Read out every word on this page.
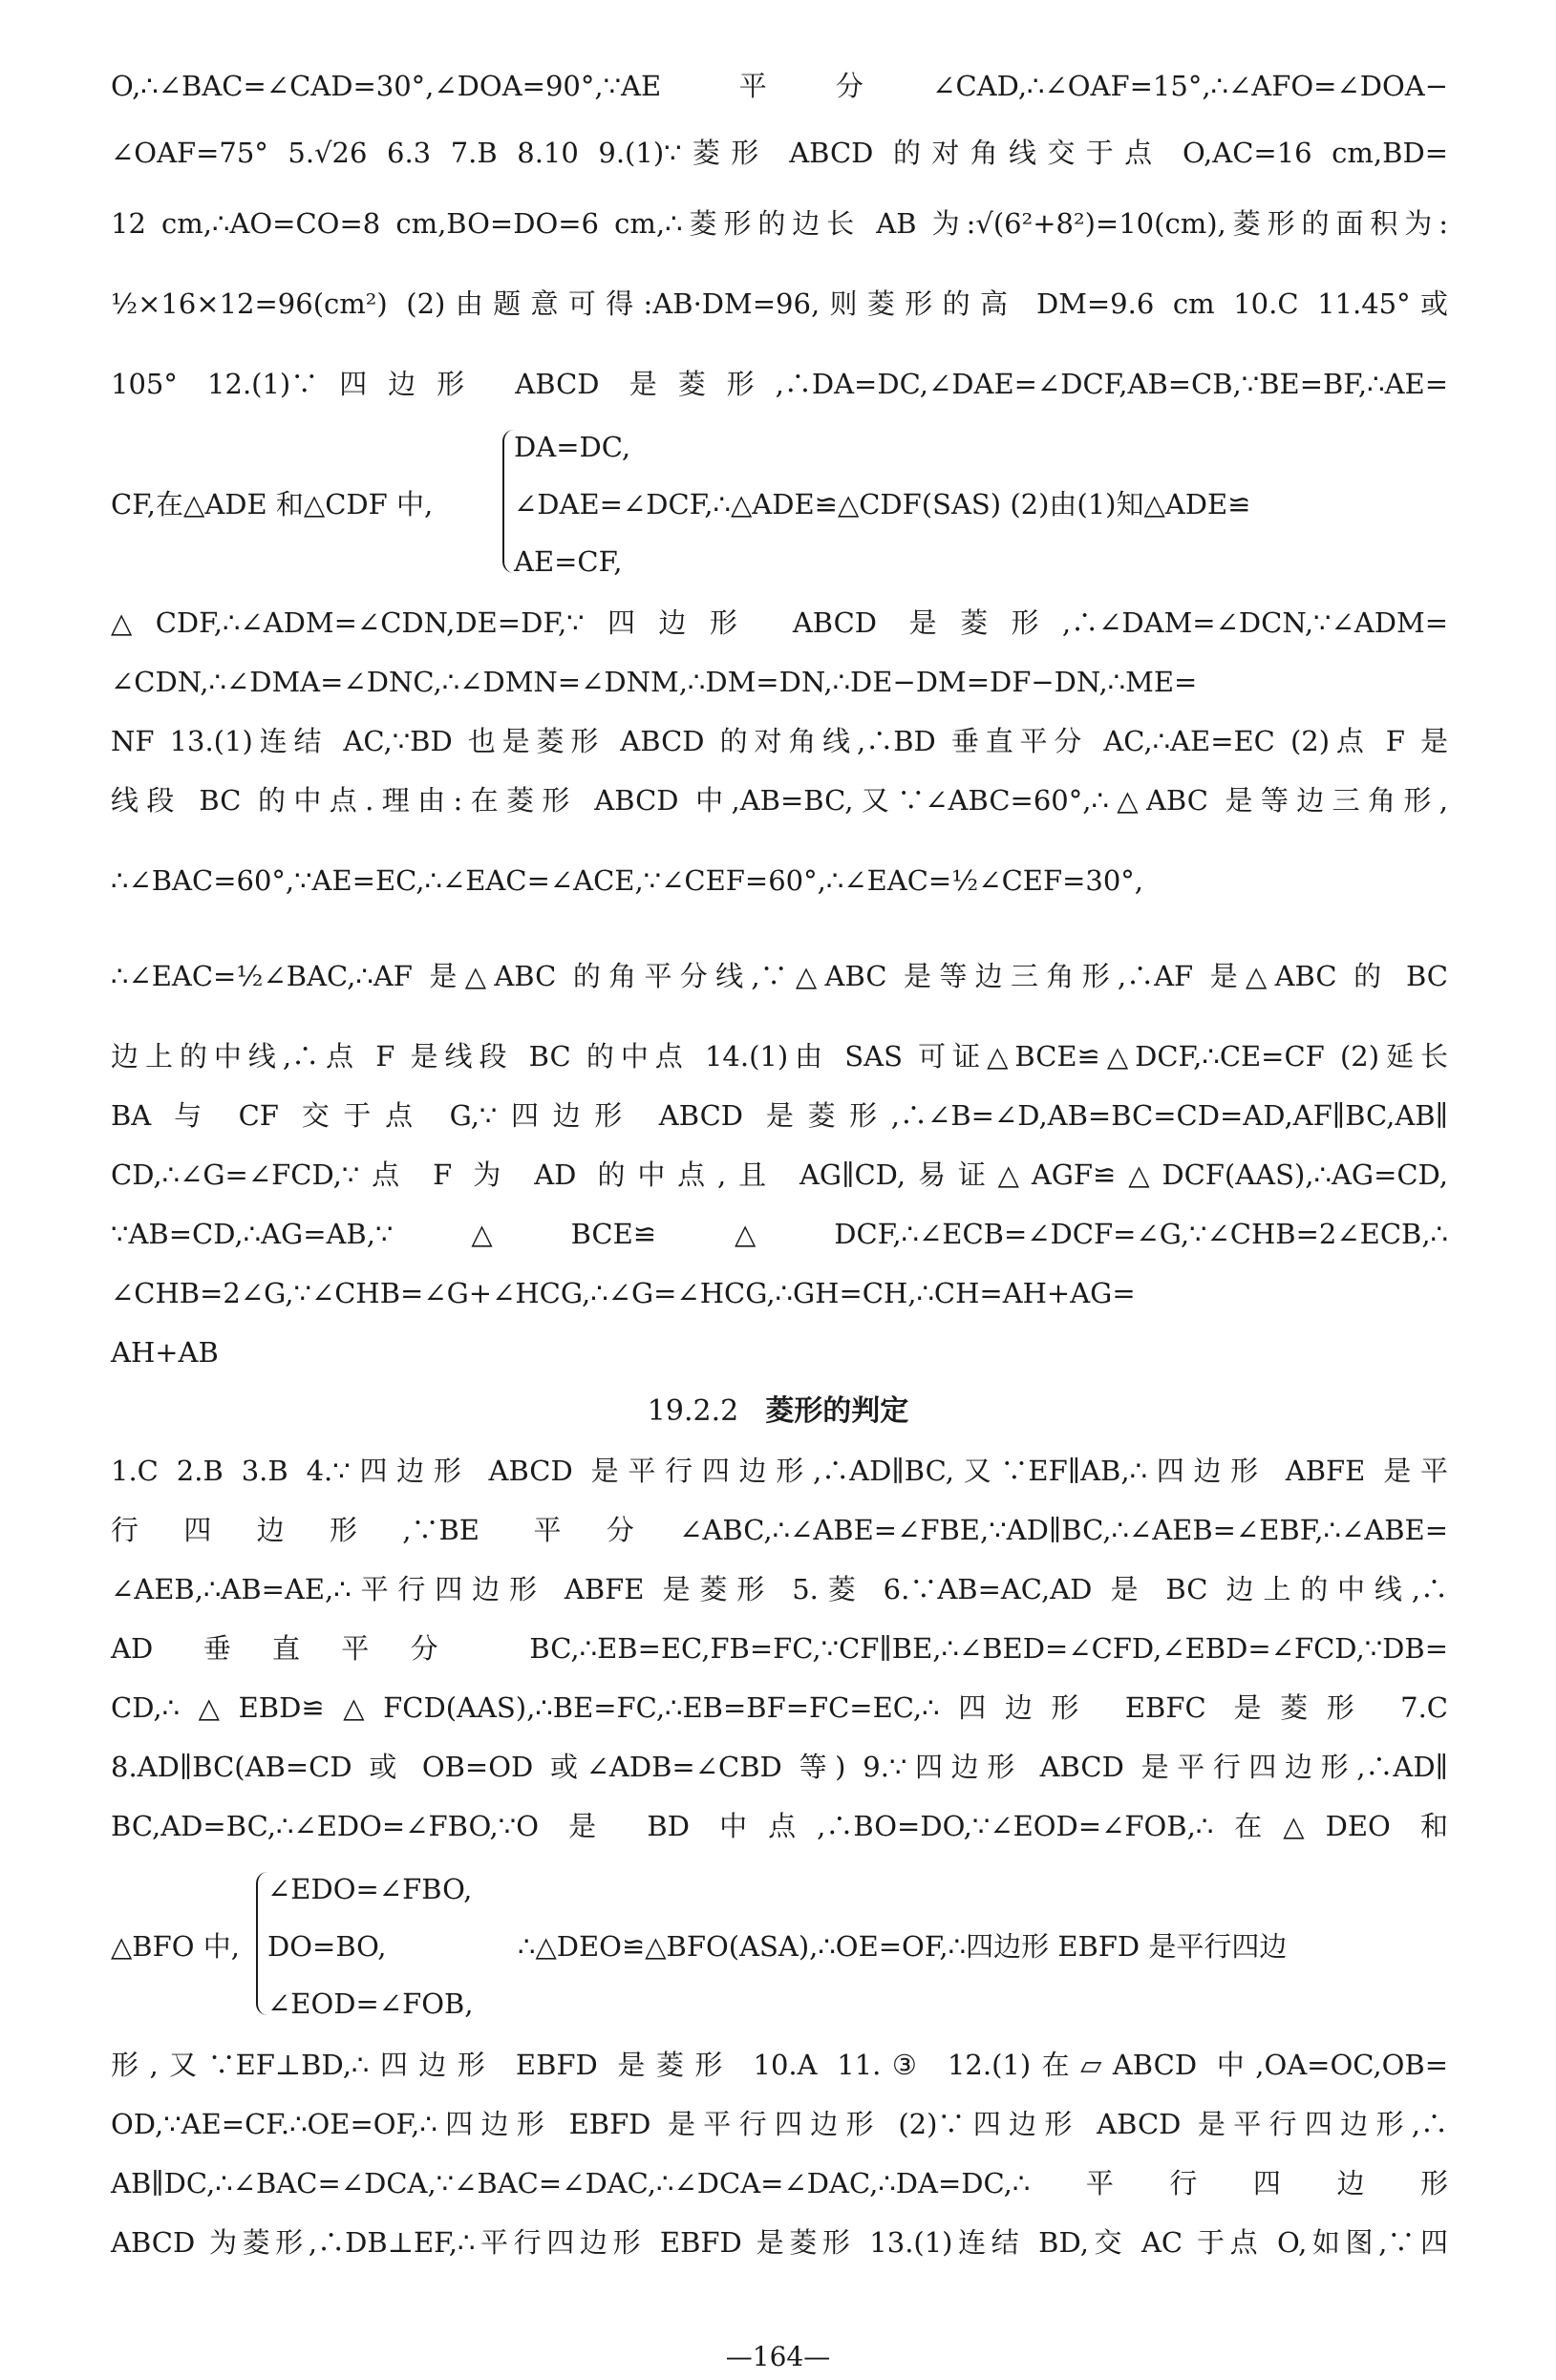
O,∴∠BAC=∠CAD=30°,∠DOA=90°,∵AE 平分∠CAD,∴∠OAF=15°,∴∠AFO=∠DOA−
∠OAF=75° 5.√26 6.3 7.B 8.10 9.(1)∵菱形 ABCD 的对角线交于点 O,AC=16 cm,BD=
12 cm,∴AO=CO=8 cm,BO=DO=6 cm,∴菱形的边长 AB 为:√(6²+8²)=10(cm),菱形的面积为:
½×16×12=96(cm²) (2)由题意可得:AB·DM=96,则菱形的高 DM=9.6 cm 10.C 11.45°或
105° 12.(1)∵四边形 ABCD 是菱形,∴DA=DC,∠DAE=∠DCF,AB=CB,∵BE=BF,∴AE=
CF,在△ADE 和△CDF 中,
DA=DC,
∠DAE=∠DCF,∴△ADE≌△CDF(SAS) (2)由(1)知△ADE≌
AE=CF,
△CDF,∴∠ADM=∠CDN,DE=DF,∵四边形 ABCD 是菱形,∴∠DAM=∠DCN,∵∠ADM=
∠CDN,∴∠DMA=∠DNC,∴∠DMN=∠DNM,∴DM=DN,∴DE−DM=DF−DN,∴ME=
NF 13.(1)连结 AC,∵BD 也是菱形 ABCD 的对角线,∴BD 垂直平分 AC,∴AE=EC (2)点 F 是
线段 BC 的中点.理由:在菱形 ABCD 中,AB=BC,又∵∠ABC=60°,∴△ABC 是等边三角形,
∴∠BAC=60°,∵AE=EC,∴∠EAC=∠ACE,∵∠CEF=60°,∴∠EAC=½∠CEF=30°,
∴∠EAC=½∠BAC,∴AF 是△ABC 的角平分线,∵△ABC 是等边三角形,∴AF 是△ABC 的 BC
边上的中线,∴点 F 是线段 BC 的中点 14.(1)由 SAS 可证△BCE≌△DCF,∴CE=CF (2)延长
BA 与 CF 交于点 G,∵四边形 ABCD 是菱形,∴∠B=∠D,AB=BC=CD=AD,AF∥BC,AB∥
CD,∴∠G=∠FCD,∵点 F 为 AD 的中点,且 AG∥CD,易证△AGF≌△DCF(AAS),∴AG=CD,
∵AB=CD,∴AG=AB,∵△BCE≌△DCF,∴∠ECB=∠DCF=∠G,∵∠CHB=2∠ECB,∴
∠CHB=2∠G,∵∠CHB=∠G+∠HCG,∴∠G=∠HCG,∴GH=CH,∴CH=AH+AG=
AH+AB
19.2.2 菱形的判定
1.C 2.B 3.B 4.∵四边形 ABCD 是平行四边形,∴AD∥BC,又∵EF∥AB,∴四边形 ABFE 是平
行四边形,∵BE 平分∠ABC,∴∠ABE=∠FBE,∵AD∥BC,∴∠AEB=∠EBF,∴∠ABE=
∠AEB,∴AB=AE,∴平行四边形 ABFE 是菱形 5.菱 6.∵AB=AC,AD 是 BC 边上的中线,∴
AD 垂直平分 BC,∴EB=EC,FB=FC,∵CF∥BE,∴∠BED=∠CFD,∠EBD=∠FCD,∵DB=
CD,∴△EBD≌△FCD(AAS),∴BE=FC,∴EB=BF=FC=EC,∴四边形 EBFC 是菱形 7.C
8.AD∥BC(AB=CD 或 OB=OD 或∠ADB=∠CBD 等) 9.∵四边形 ABCD 是平行四边形,∴AD∥
BC,AD=BC,∴∠EDO=∠FBO,∵O 是 BD 中点,∴BO=DO,∵∠EOD=∠FOB,∴在△DEO 和
△BFO 中,
∠EDO=∠FBO,
DO=BO,
∠EOD=∠FOB,
∴△DEO≌△BFO(ASA),∴OE=OF,∴四边形 EBFD 是平行四边
形,又∵EF⊥BD,∴四边形 EBFD 是菱形 10.A 11.③ 12.(1)在▱ABCD 中,OA=OC,OB=
OD,∵AE=CF.∴OE=OF,∴四边形 EBFD 是平行四边形 (2)∵四边形 ABCD 是平行四边形,∴
AB∥DC,∴∠BAC=∠DCA,∵∠BAC=∠DAC,∴∠DCA=∠DAC,∴DA=DC,∴平行四边形
ABCD 为菱形,∴DB⊥EF,∴平行四边形 EBFD 是菱形 13.(1)连结 BD,交 AC 于点 O,如图,∵四
—164—
